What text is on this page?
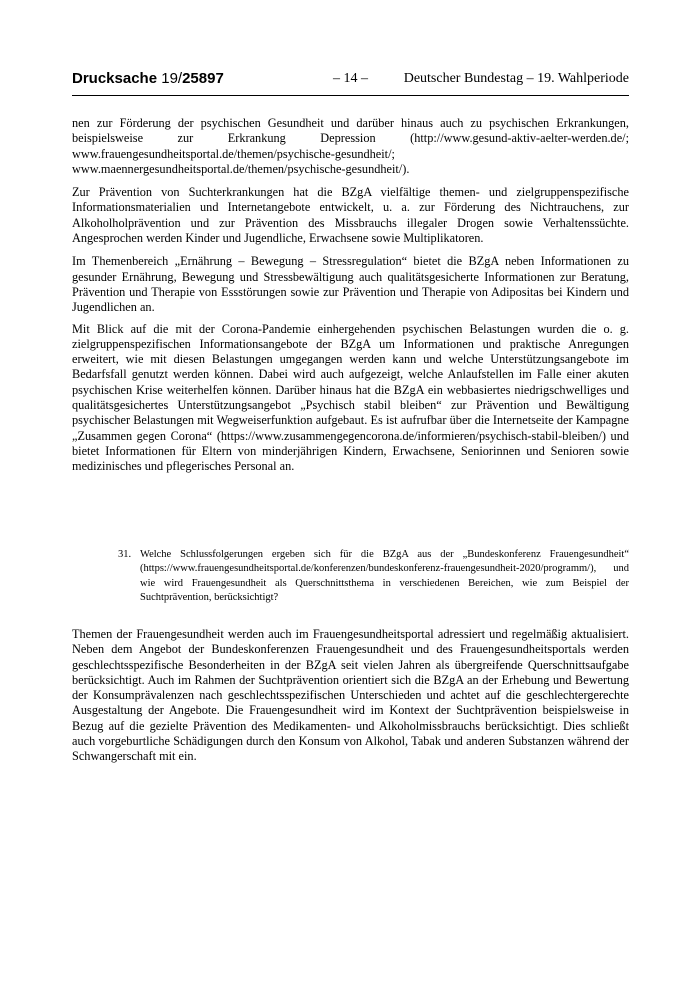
Drucksache 19/25897	– 14 –	Deutscher Bundestag – 19. Wahlperiode

nen zur Förderung der psychischen Gesundheit und darüber hinaus auch zu psychischen Erkrankungen, beispielsweise zur Erkrankung Depression (http://www.gesund-aktiv-aelter-werden.de/; www.frauengesundheitsportal.de/themen/psychische-gesundheit/; www.maennergesundheitsportal.de/themen/psychische-gesundheit/).

Zur Prävention von Suchterkrankungen hat die BZgA vielfältige themen- und zielgruppenspezifische Informationsmaterialien und Internetangebote entwickelt, u. a. zur Förderung des Nichtrauchens, zur Alkoholholprävention und zur Prävention des Missbrauchs illegaler Drogen sowie Verhaltenssüchte. Angesprochen werden Kinder und Jugendliche, Erwachsene sowie Multiplikatoren.

Im Themenbereich „Ernährung – Bewegung – Stressregulation“ bietet die BZgA neben Informationen zu gesunder Ernährung, Bewegung und Stressbewältigung auch qualitätsgesicherte Informationen zur Beratung, Prävention und Therapie von Essstörungen sowie zur Prävention und Therapie von Adipositas bei Kindern und Jugendlichen an.

Mit Blick auf die mit der Corona-Pandemie einhergehenden psychischen Belastungen wurden die o. g. zielgruppenspezifischen Informationsangebote der BZgA um Informationen und praktische Anregungen erweitert, wie mit diesen Belastungen umgegangen werden kann und welche Unterstützungsangebote im Bedarfsfall genutzt werden können. Dabei wird auch aufgezeigt, welche Anlaufstellen im Falle einer akuten psychischen Krise weiterhelfen können. Darüber hinaus hat die BZgA ein webbasiertes niedrigschwelliges und qualitätsgesichertes Unterstützungsangebot „Psychisch stabil bleiben“ zur Prävention und Bewältigung psychischer Belastungen mit Wegweiserfunktion aufgebaut. Es ist aufrufbar über die Internetseite der Kampagne „Zusammen gegen Corona“ (https://www.zusammengegencorona.de/informieren/psychisch-stabil-bleiben/) und bietet Informationen für Eltern von minderjährigen Kindern, Erwachsene, Seniorinnen und Senioren sowie medizinisches und pflegerisches Personal an.

31. Welche Schlussfolgerungen ergeben sich für die BZgA aus der „Bundeskonferenz Frauengesundheit“ (https://www.frauengesundheitsportal.de/konferenzen/bundeskonferenz-frauengesundheit-2020/programm/), und wie wird Frauengesundheit als Querschnittsthema in verschiedenen Bereichen, wie zum Beispiel der Suchtprävention, berücksichtigt?

Themen der Frauengesundheit werden auch im Frauengesundheitsportal adressiert und regelmäßig aktualisiert. Neben dem Angebot der Bundeskonferenzen Frauengesundheit und des Frauengesundheitsportals werden geschlechtsspezifische Besonderheiten in der BZgA seit vielen Jahren als übergreifende Querschnittsaufgabe berücksichtigt. Auch im Rahmen der Suchtprävention orientiert sich die BZgA an der Erhebung und Bewertung der Konsumprävalenzen nach geschlechtsspezifischen Unterschieden und achtet auf die geschlechtergerechte Ausgestaltung der Angebote. Die Frauengesundheit wird im Kontext der Suchtprävention beispielsweise in Bezug auf die gezielte Prävention des Medikamenten- und Alkoholmissbrauchs berücksichtigt. Dies schließt auch vorgeburtliche Schädigungen durch den Konsum von Alkohol, Tabak und anderen Substanzen während der Schwangerschaft mit ein.
